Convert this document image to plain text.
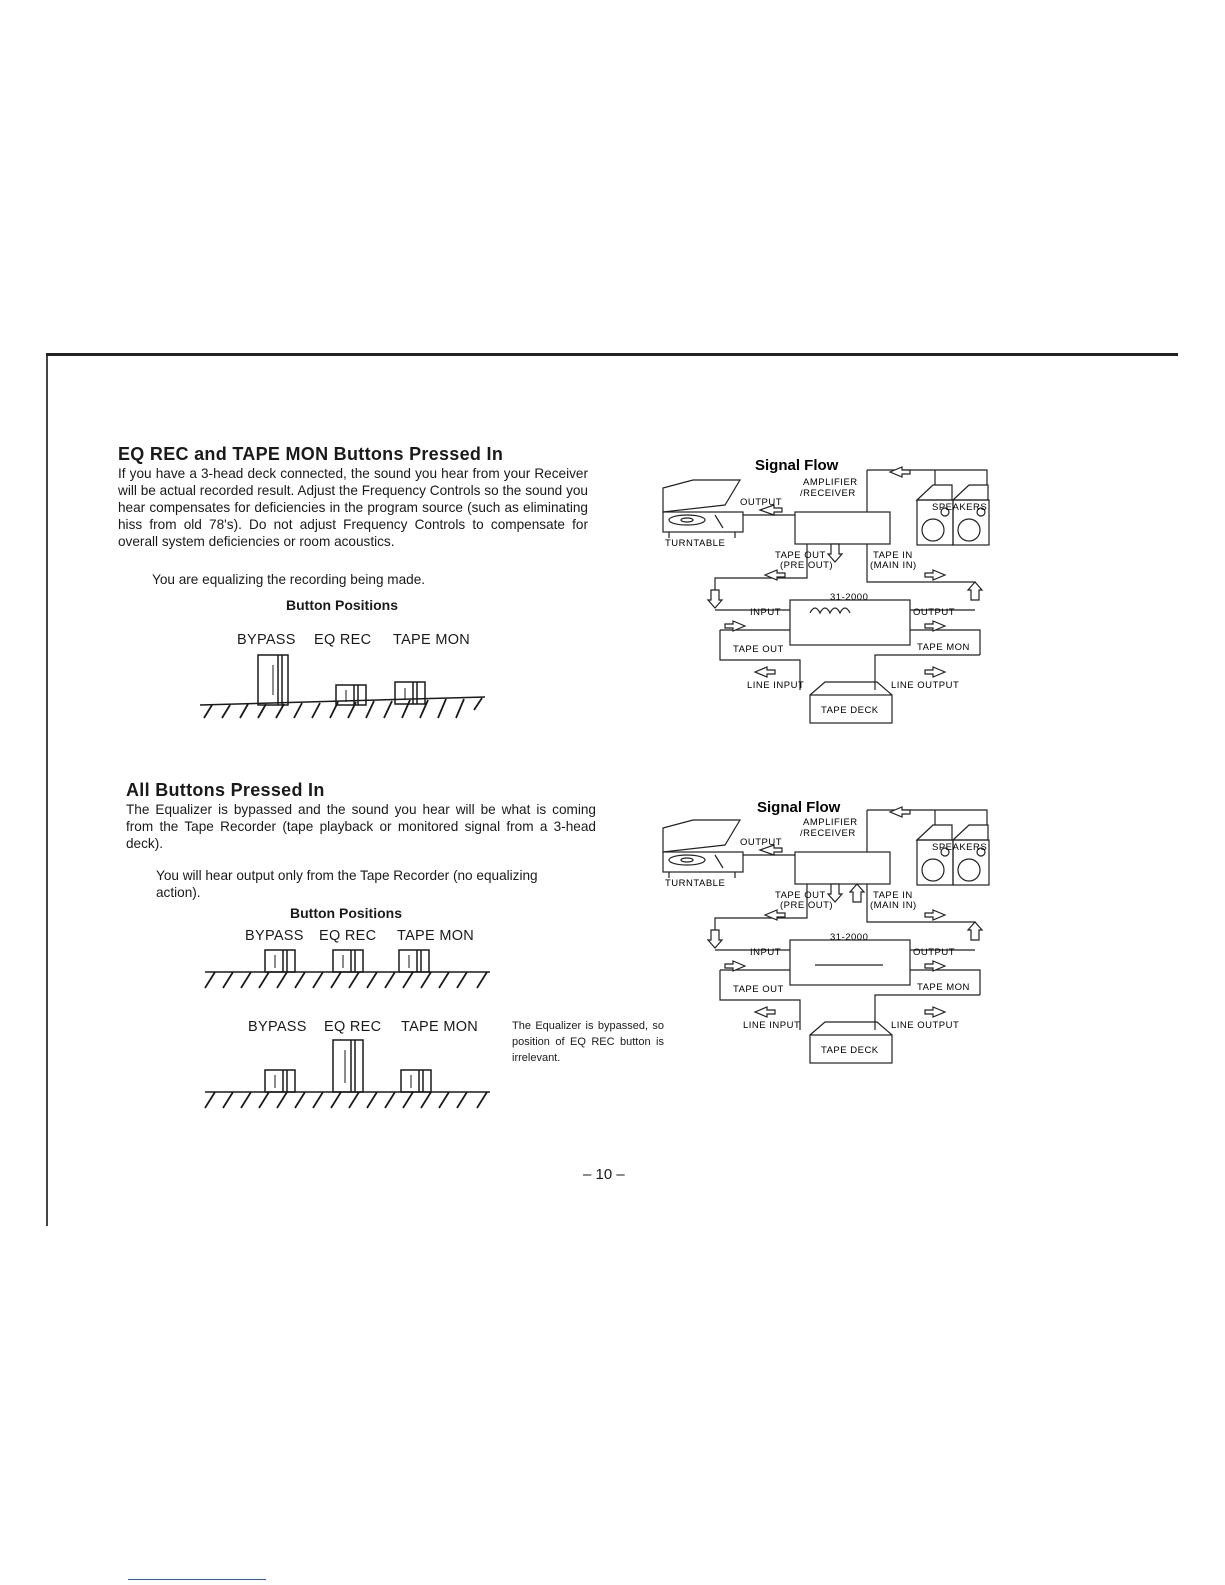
EQ REC and TAPE MON Buttons Pressed In
If you have a 3-head deck connected, the sound you hear from your Receiver will be actual recorded result. Adjust the Frequency Controls so the sound you hear compensates for deficiencies in the program source (such as eliminating hiss from old 78's). Do not adjust Frequency Controls to compensate for overall system deficiencies or room acoustics.
You are equalizing the recording being made.
Button Positions
BYPASS EQ REC TAPE MON
All Buttons Pressed In
The Equalizer is bypassed and the sound you hear will be what is coming from the Tape Recorder (tape playback or monitored signal from a 3-head deck).
You will hear output only from the Tape Recorder (no equalizing action).
Button Positions
BYPASS EQ REC TAPE MON
BYPASS EQ REC TAPE MON	The Equalizer is bypassed, so position of EQ REC button is irrelevant.
Signal Flow
TURNTABLE
OUTPUT
AMPLIFIER
/RECEIVER
SPEAKERS
TAPE OUT
(PRE OUT)
TAPE IN
(MAIN IN)
31-2000
INPUT	OUTPUT
TAPE OUT	TAPE MON
LINE INPUT	LINE OUTPUT
TAPE DECK
Signal Flow
TURNTABLE
OUTPUT
AMPLIFIER
/RECEIVER
SPEAKERS
TAPE OUT
(PRE OUT)
TAPE IN
(MAIN IN)
31-2000
INPUT	OUTPUT
TAPE OUT	TAPE MON
LINE INPUT	LINE OUTPUT
TAPE DECK
– 10 –
